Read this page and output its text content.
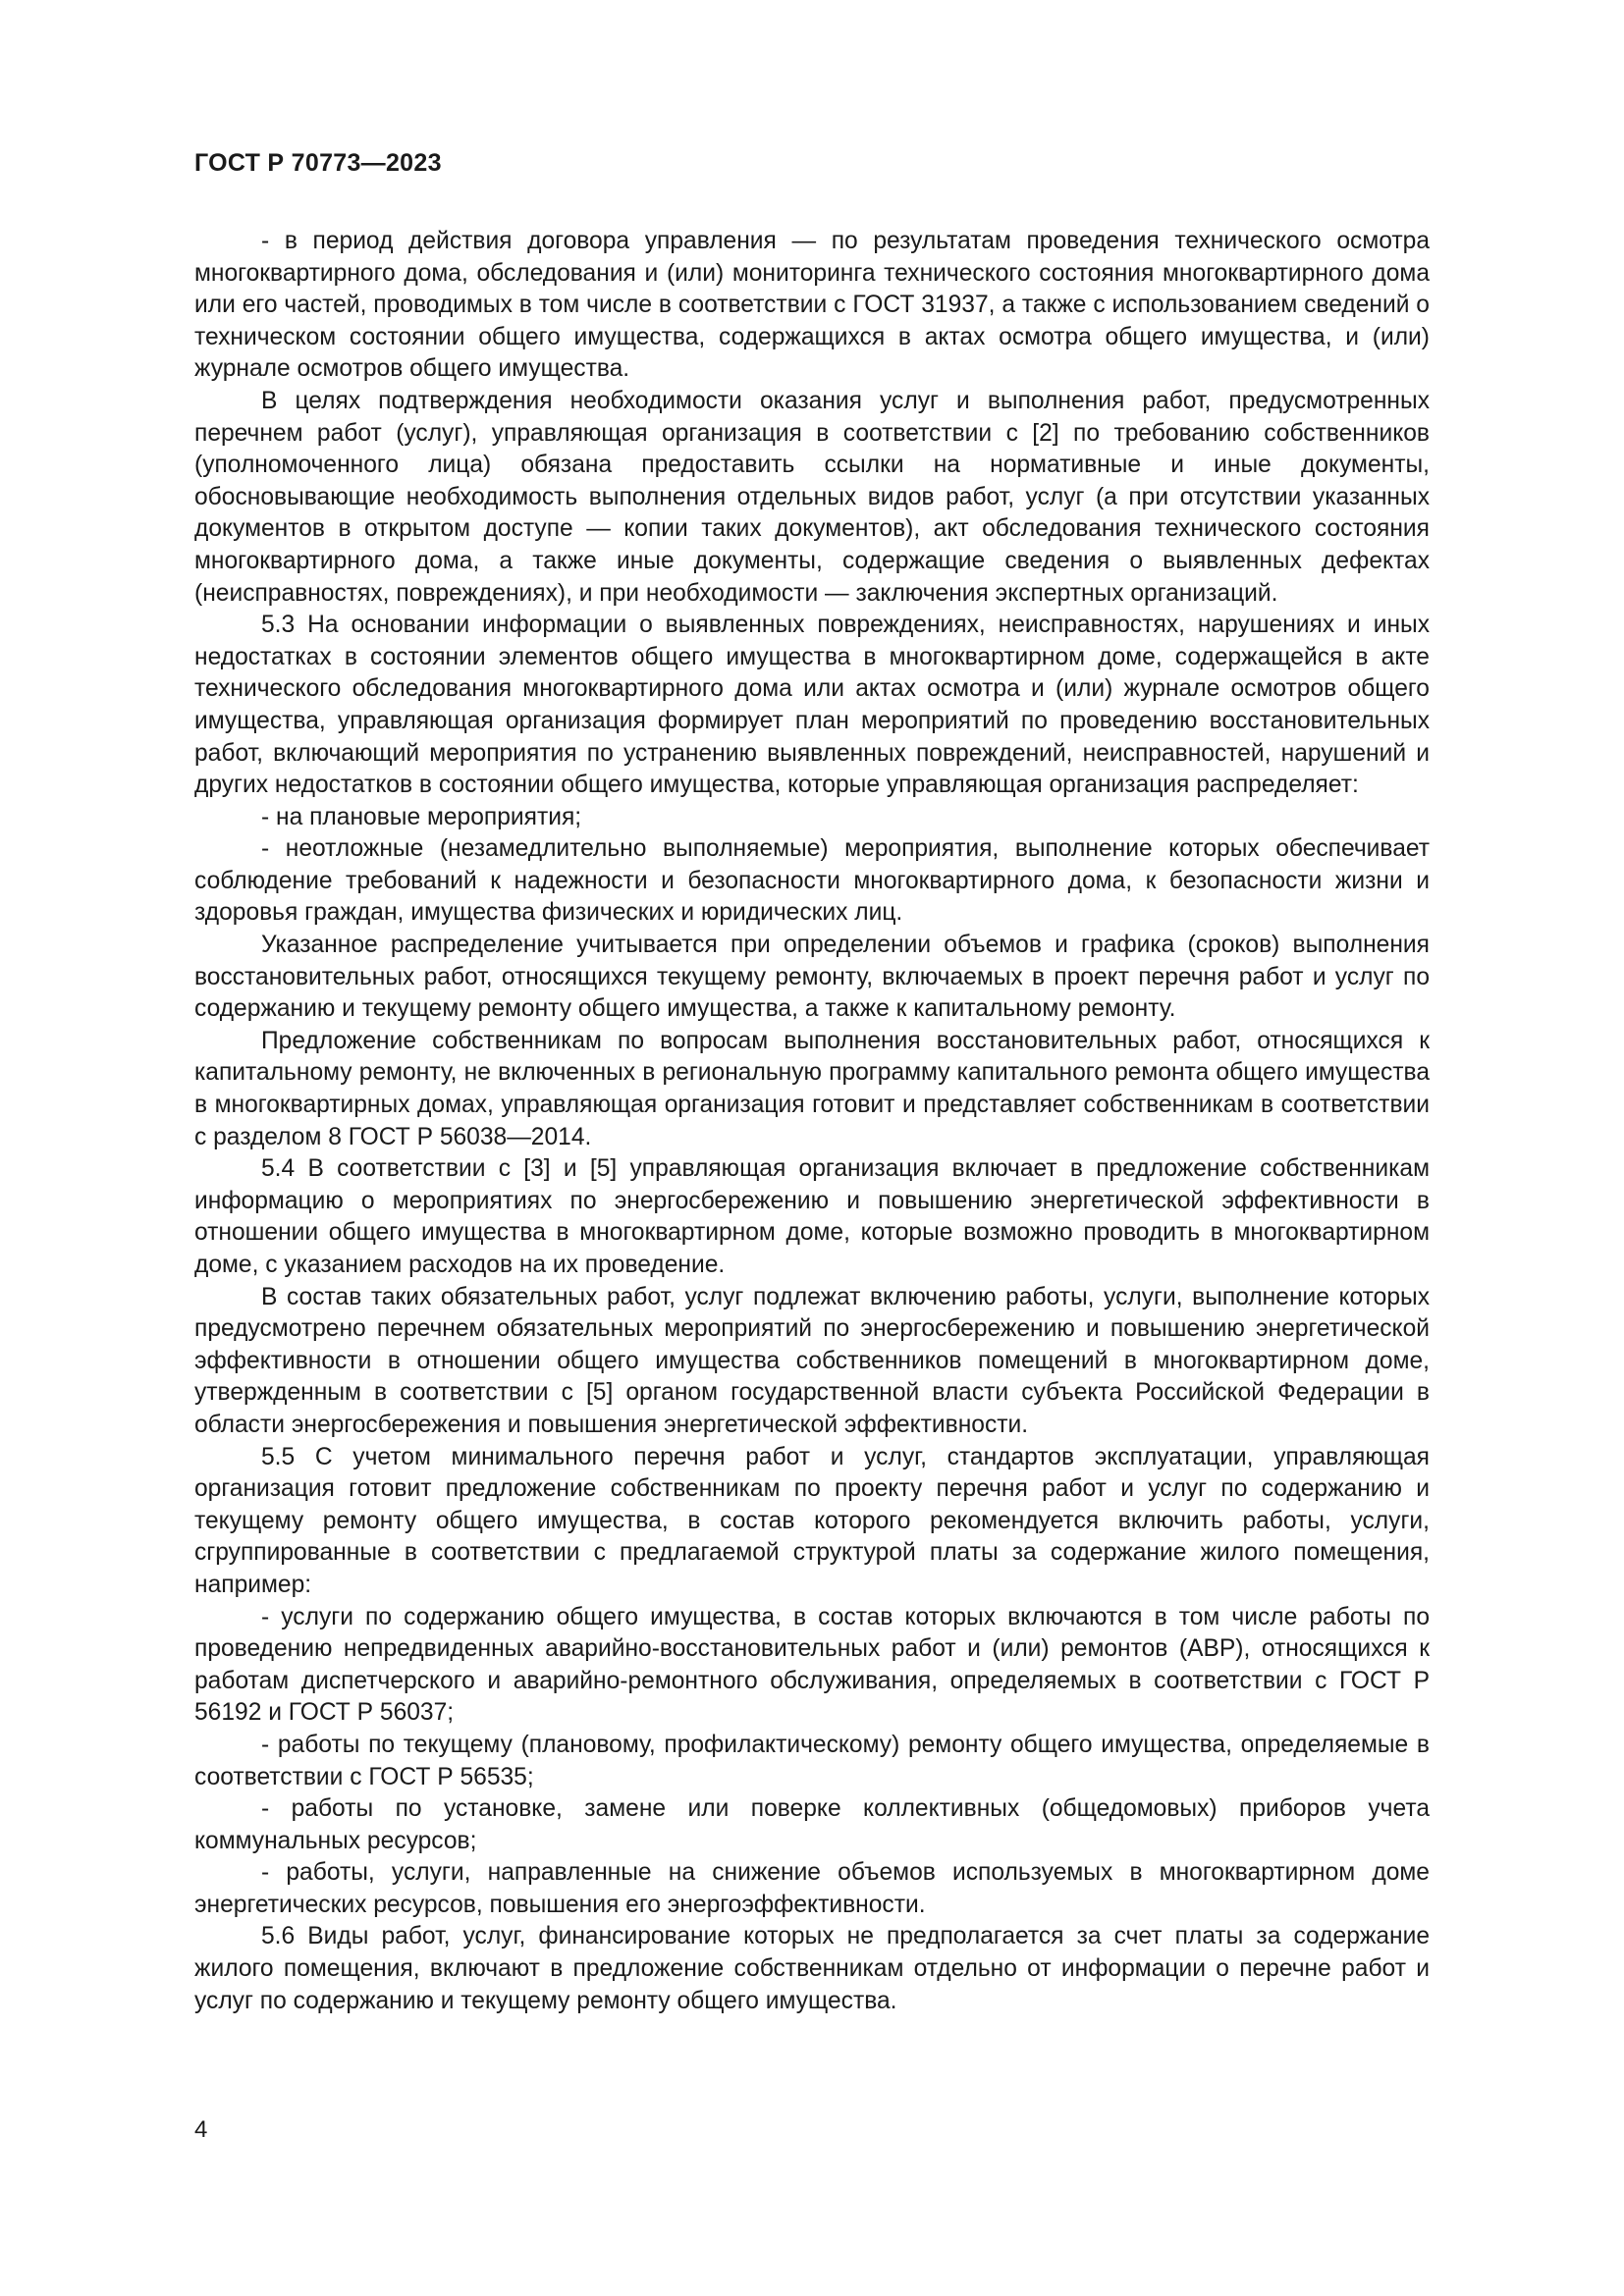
ГОСТ Р 70773—2023

- в период действия договора управления — по результатам проведения технического осмотра многоквартирного дома, обследования и (или) мониторинга технического состояния многоквартирного дома или его частей, проводимых в том числе в соответствии с ГОСТ 31937, а также с использованием сведений о техническом состоянии общего имущества, содержащихся в актах осмотра общего имущества, и (или) журнале осмотров общего имущества.

В целях подтверждения необходимости оказания услуг и выполнения работ, предусмотренных перечнем работ (услуг), управляющая организация в соответствии с [2] по требованию собственников (уполномоченного лица) обязана предоставить ссылки на нормативные и иные документы, обосновывающие необходимость выполнения отдельных видов работ, услуг (а при отсутствии указанных документов в открытом доступе — копии таких документов), акт обследования технического состояния многоквартирного дома, а также иные документы, содержащие сведения о выявленных дефектах (неисправностях, повреждениях), и при необходимости — заключения экспертных организаций.

5.3 На основании информации о выявленных повреждениях, неисправностях, нарушениях и иных недостатках в состоянии элементов общего имущества в многоквартирном доме, содержащейся в акте технического обследования многоквартирного дома или актах осмотра и (или) журнале осмотров общего имущества, управляющая организация формирует план мероприятий по проведению восстановительных работ, включающий мероприятия по устранению выявленных повреждений, неисправностей, нарушений и других недостатков в состоянии общего имущества, которые управляющая организация распределяет:

- на плановые мероприятия;

- неотложные (незамедлительно выполняемые) мероприятия, выполнение которых обеспечивает соблюдение требований к надежности и безопасности многоквартирного дома, к безопасности жизни и здоровья граждан, имущества физических и юридических лиц.

Указанное распределение учитывается при определении объемов и графика (сроков) выполнения восстановительных работ, относящихся текущему ремонту, включаемых в проект перечня работ и услуг по содержанию и текущему ремонту общего имущества, а также к капитальному ремонту.

Предложение собственникам по вопросам выполнения восстановительных работ, относящихся к капитальному ремонту, не включенных в региональную программу капитального ремонта общего имущества в многоквартирных домах, управляющая организация готовит и представляет собственникам в соответствии с разделом 8 ГОСТ Р 56038—2014.

5.4 В соответствии с [3] и [5] управляющая организация включает в предложение собственникам информацию о мероприятиях по энергосбережению и повышению энергетической эффективности в отношении общего имущества в многоквартирном доме, которые возможно проводить в многоквартирном доме, с указанием расходов на их проведение.

В состав таких обязательных работ, услуг подлежат включению работы, услуги, выполнение которых предусмотрено перечнем обязательных мероприятий по энергосбережению и повышению энергетической эффективности в отношении общего имущества собственников помещений в многоквартирном доме, утвержденным в соответствии с [5] органом государственной власти субъекта Российской Федерации в области энергосбережения и повышения энергетической эффективности.

5.5 С учетом минимального перечня работ и услуг, стандартов эксплуатации, управляющая организация готовит предложение собственникам по проекту перечня работ и услуг по содержанию и текущему ремонту общего имущества, в состав которого рекомендуется включить работы, услуги, сгруппированные в соответствии с предлагаемой структурой платы за содержание жилого помещения, например:

- услуги по содержанию общего имущества, в состав которых включаются в том числе работы по проведению непредвиденных аварийно-восстановительных работ и (или) ремонтов (АВР), относящихся к работам диспетчерского и аварийно-ремонтного обслуживания, определяемых в соответствии с ГОСТ Р 56192 и ГОСТ Р 56037;

- работы по текущему (плановому, профилактическому) ремонту общего имущества, определяемые в соответствии с ГОСТ Р 56535;

- работы по установке, замене или поверке коллективных (общедомовых) приборов учета коммунальных ресурсов;

- работы, услуги, направленные на снижение объемов используемых в многоквартирном доме энергетических ресурсов, повышения его энергоэффективности.

5.6 Виды работ, услуг, финансирование которых не предполагается за счет платы за содержание жилого помещения, включают в предложение собственникам отдельно от информации о перечне работ и услуг по содержанию и текущему ремонту общего имущества.

4
